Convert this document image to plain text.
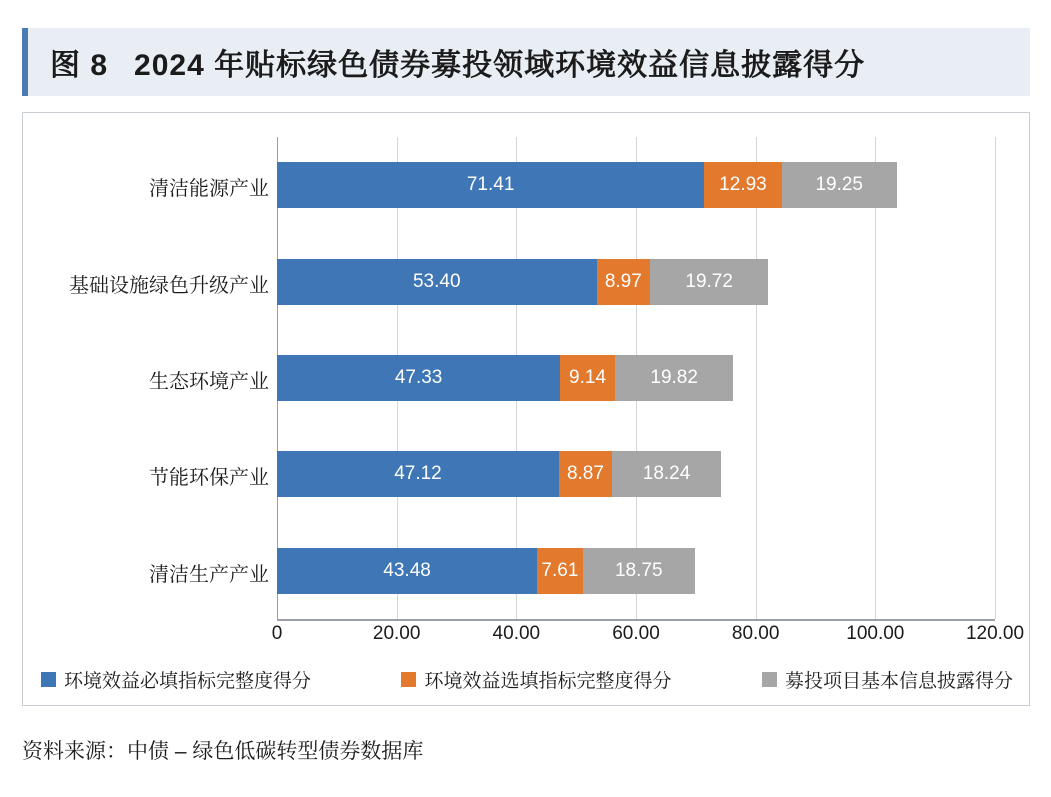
图 8 2024 年贴标绿色债券募投领域环境效益信息披露得分
清洁能源产业
基础设施绿色升级产业
生态环境产业
节能环保产业
清洁生产产业
71.41	12.93	19.25
53.40	8.97 19.72
47.33	9.14 19.82
47.12	8.87 18.24
43.48	7.61 18.75
0	20.00	40.00	60.00	80.00	100.00	120.00
环境效益必填指标完整度得分	环境效益选填指标完整度得分	募投项目基本信息披露得分
资料来源：中债 – 绿色低碳转型债券数据库
